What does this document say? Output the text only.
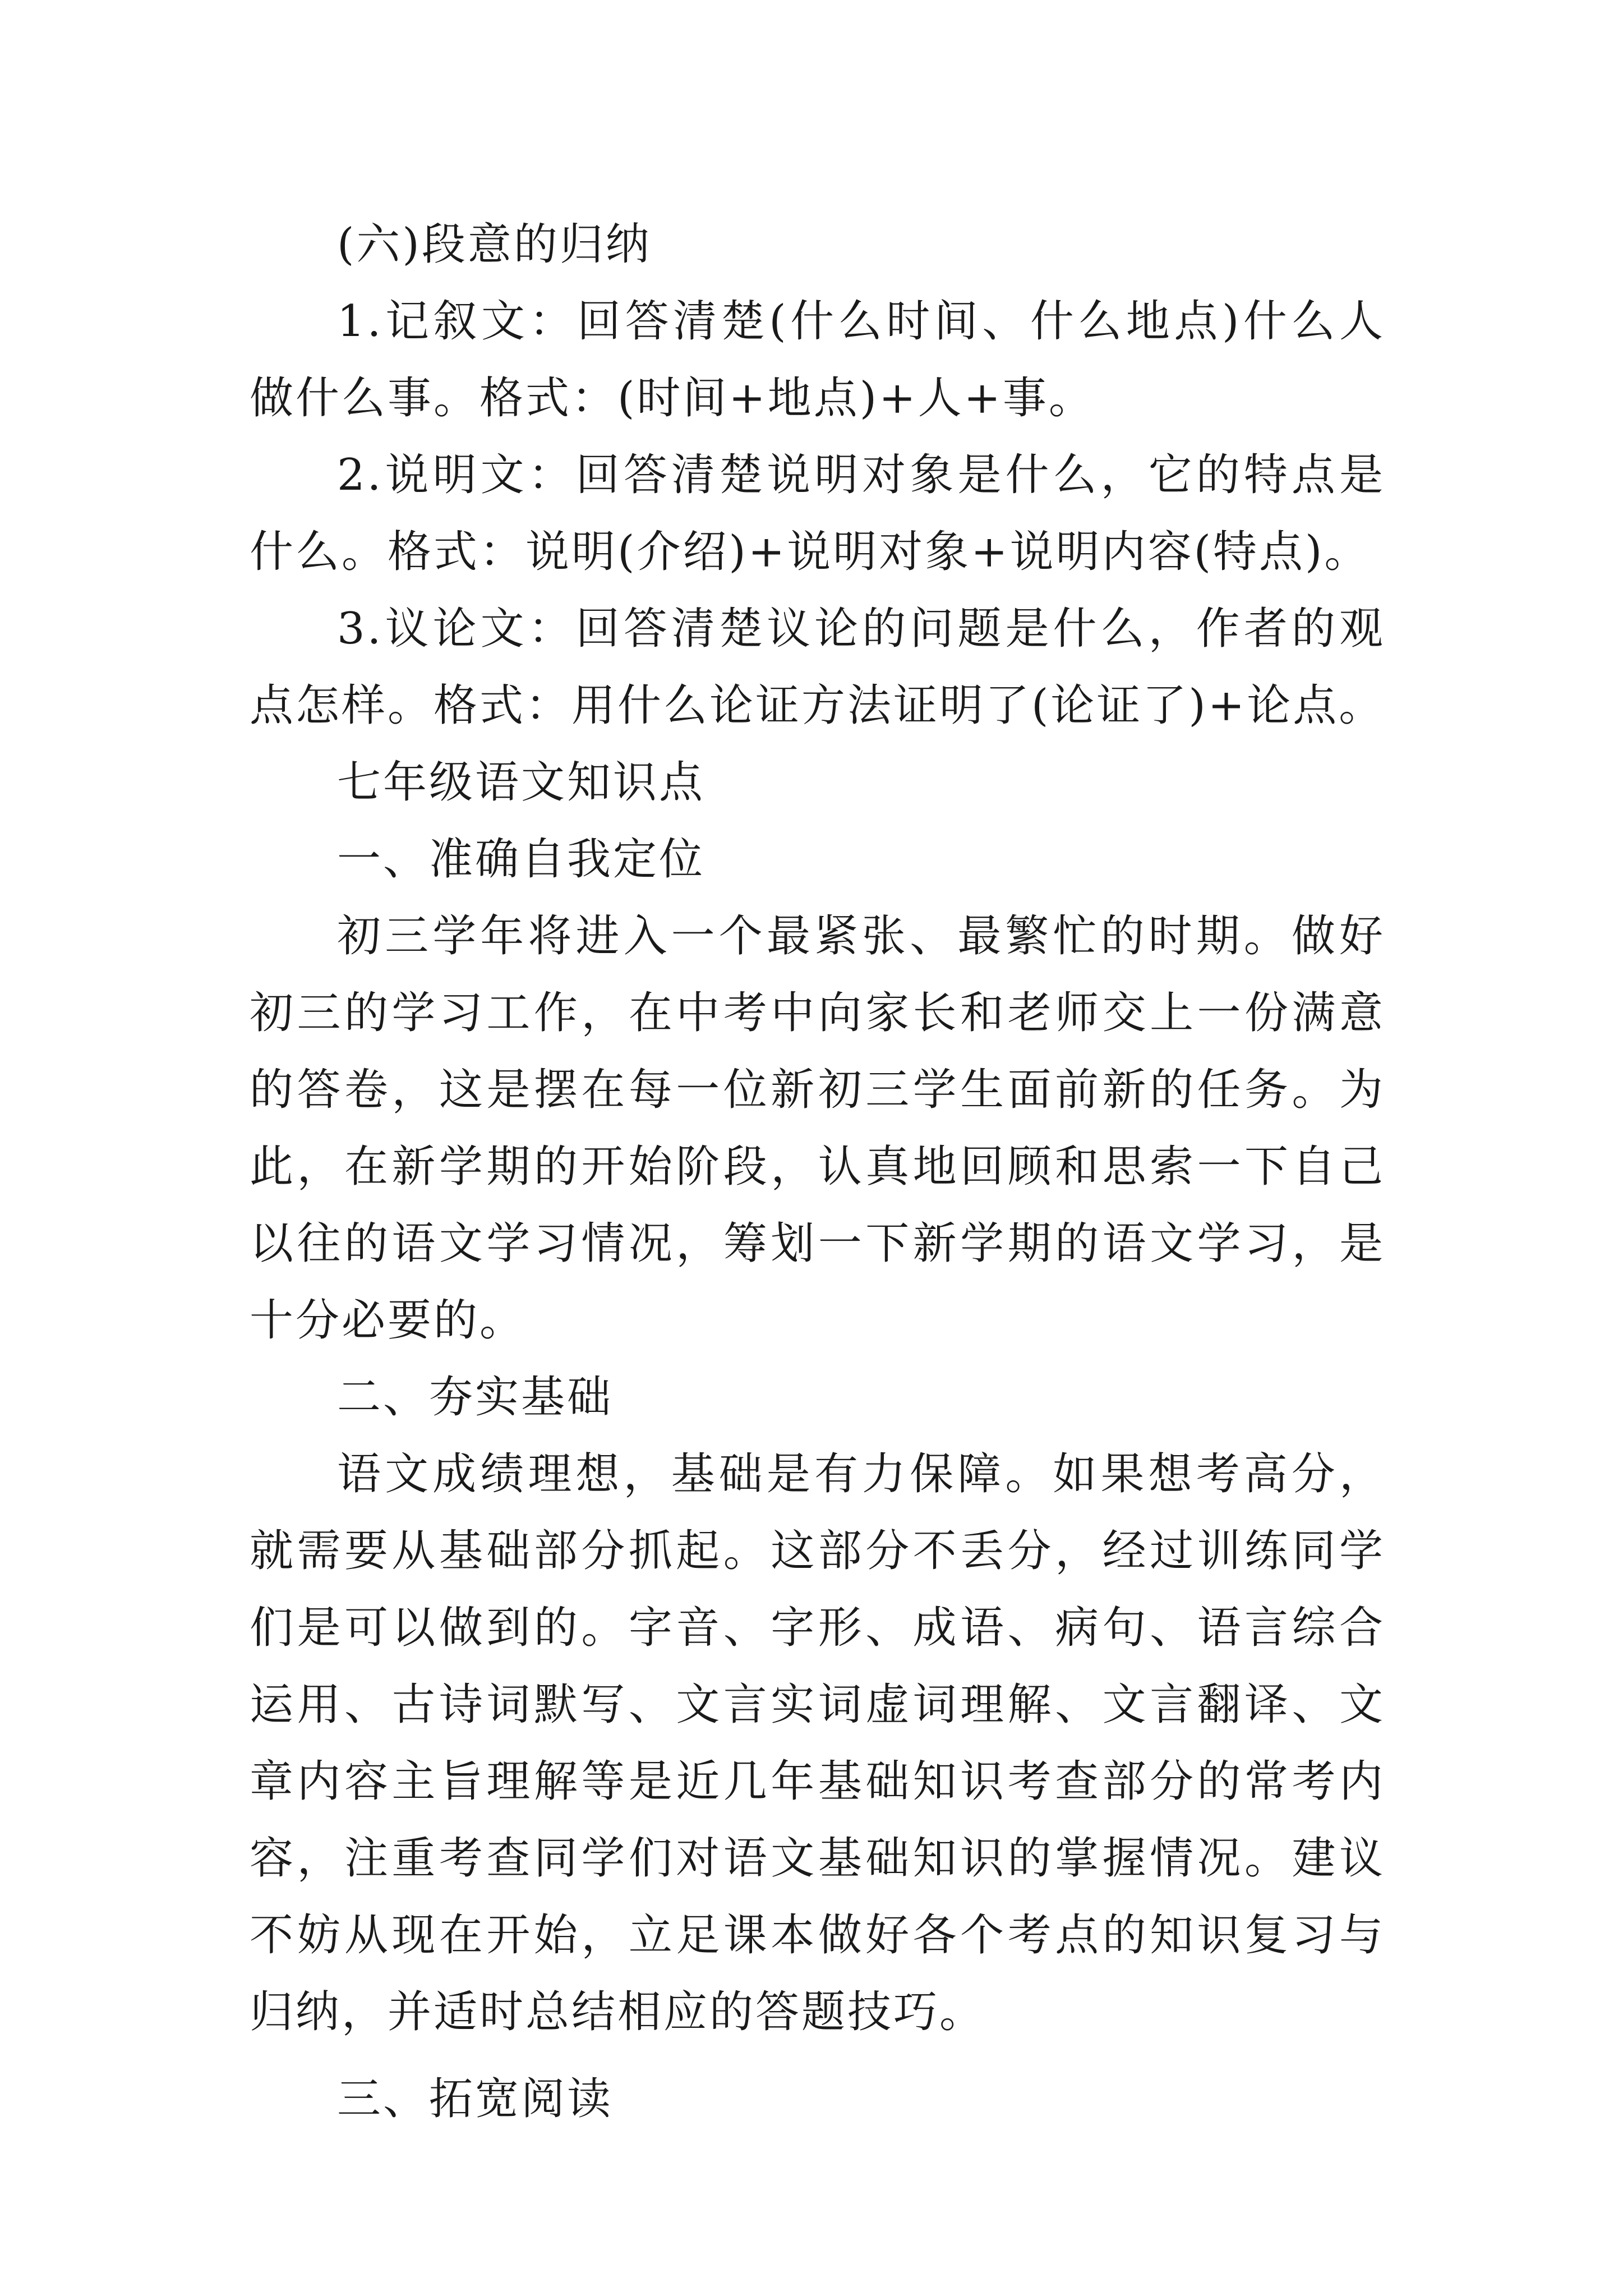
(六)段意的归纳

1.记叙文：回答清楚(什么时间、什么地点)什么人做什么事。格式：(时间+地点)+人+事。

2.说明文：回答清楚说明对象是什么，它的特点是什么。格式：说明(介绍)+说明对象+说明内容(特点)。

3.议论文：回答清楚议论的问题是什么，作者的观点怎样。格式：用什么论证方法证明了(论证了)+论点。

七年级语文知识点

一、准确自我定位

初三学年将进入一个最紧张、最繁忙的时期。做好初三的学习工作，在中考中向家长和老师交上一份满意的答卷，这是摆在每一位新初三学生面前新的任务。为此，在新学期的开始阶段，认真地回顾和思索一下自己以往的语文学习情况，筹划一下新学期的语文学习，是十分必要的。

二、夯实基础

语文成绩理想，基础是有力保障。如果想考高分，就需要从基础部分抓起。这部分不丢分，经过训练同学们是可以做到的。字音、字形、成语、病句、语言综合运用、古诗词默写、文言实词虚词理解、文言翻译、文章内容主旨理解等是近几年基础知识考查部分的常考内容，注重考查同学们对语文基础知识的掌握情况。建议不妨从现在开始，立足课本做好各个考点的知识复习与归纳，并适时总结相应的答题技巧。

三、拓宽阅读
